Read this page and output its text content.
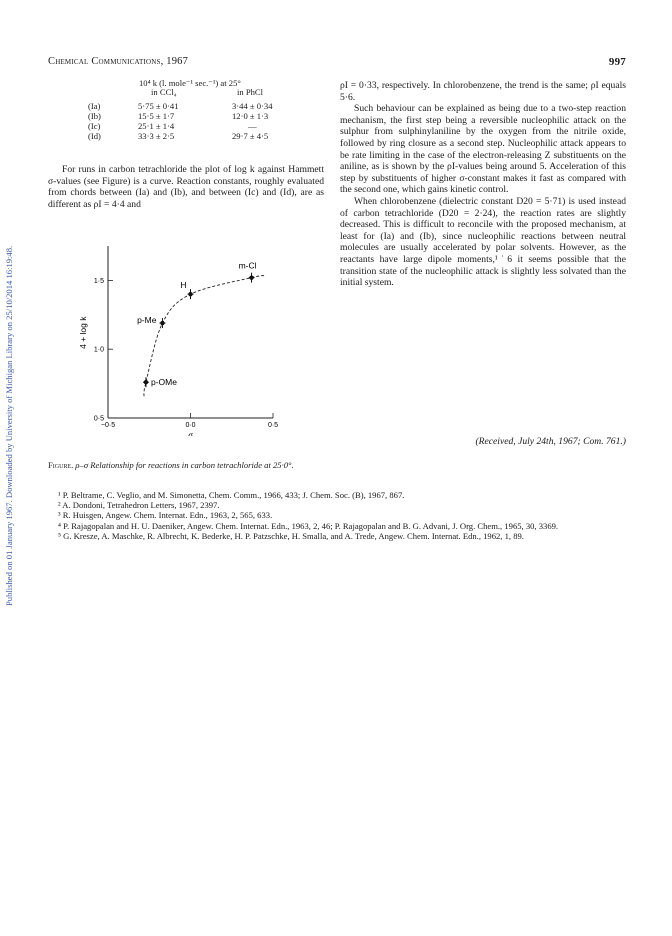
Published on 01 January 1967. Downloaded by University of Michigan Library on 25/10/2014 16:19:48.
Chemical Communications, 1967	997
10⁴ k (l. mole⁻¹ sec.⁻¹) at 25°
in CCl₄	in PhCl
(Ia)	5·75 ± 0·41	3·44 ± 0·34
(Ib)	15·5 ± 1·7	12·0 ± 1·3
(Ic)	25·1 ± 1·4	—
(Id)	33·3 ± 2·5	29·7 ± 4·5

For runs in carbon tetrachloride the plot of log k against Hammett σ-values (see Figure) is a curve. Reaction constants, roughly evaluated from chords between (Ia) and (Ib), and between (Ic) and (Id), are as different as ρI = 4·4 and

−0·5	0·0	0·5
0·5
1·0
1·5
σ
4 + log k
p-OMe
p-Me
H
m-Cl
Figure. ρ–σ Relationship for reactions in carbon tetrachloride at 25·0°.

ρI = 0·33, respectively. In chlorobenzene, the trend is the same; ρI equals 5·6.

Such behaviour can be explained as being due to a two-step reaction mechanism, the first step being a reversible nucleophilic attack on the sulphur from sulphinylaniline by the oxygen from the nitrile oxide, followed by ring closure as a second step. Nucleophilic attack appears to be rate limiting in the case of the electron-releasing Z substituents on the aniline, as is shown by the ρI-values being around 5. Acceleration of this step by substituents of higher σ-constant makes it fast as compared with the second one, which gains kinetic control.

When chlorobenzene (dielectric constant D20 = 5·71) is used instead of carbon tetrachloride (D20 = 2·24), the reaction rates are slightly decreased. This is difficult to reconcile with the proposed mechanism, at least for (Ia) and (Ib), since nucleophilic reactions between neutral molecules are usually accelerated by polar solvents. However, as the reactants have large dipole moments,¹˙6 it seems possible that the transition state of the nucleophilic attack is slightly less solvated than the initial system.

(Received, July 24th, 1967; Com. 761.)

¹ P. Beltrame, C. Veglio, and M. Simonetta, Chem. Comm., 1966, 433; J. Chem. Soc. (B), 1967, 867.

² A. Dondoni, Tetrahedron Letters, 1967, 2397.

³ R. Huisgen, Angew. Chem. Internat. Edn., 1963, 2, 565, 633.

⁴ P. Rajagopalan and H. U. Daeniker, Angew. Chem. Internat. Edn., 1963, 2, 46; P. Rajagopalan and B. G. Advani, J. Org. Chem., 1965, 30, 3369.

⁵ G. Kresze, A. Maschke, R. Albrecht, K. Bederke, H. P. Patzschke, H. Smalla, and A. Trede, Angew. Chem. Internat. Edn., 1962, 1, 89.
